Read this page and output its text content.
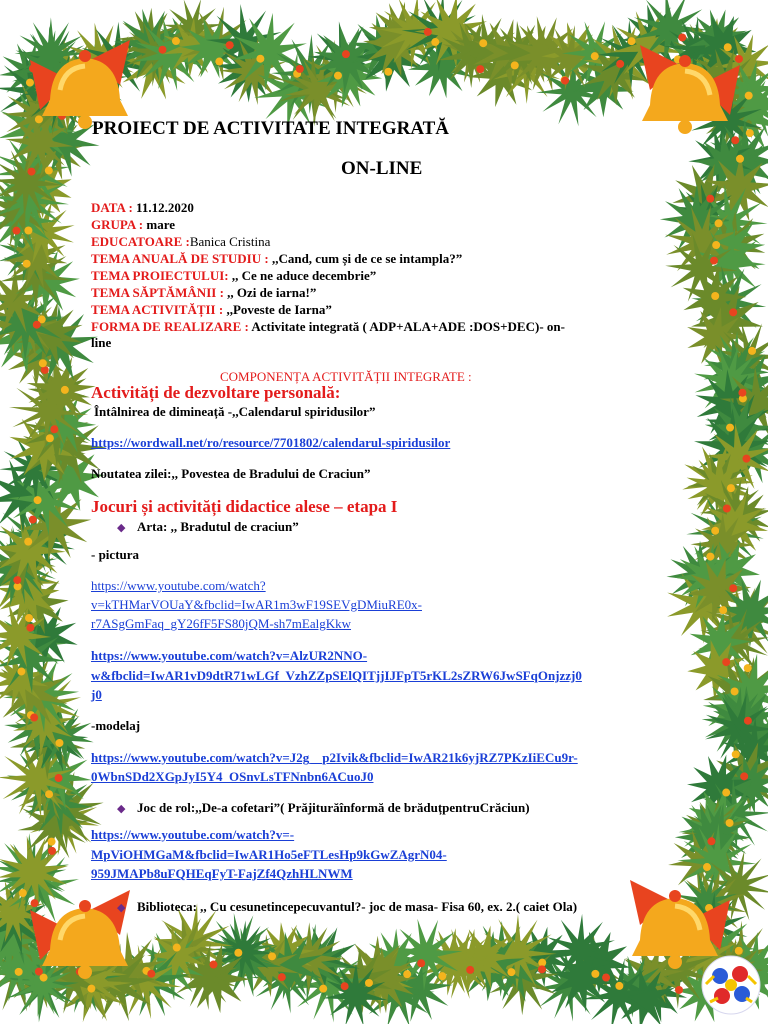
PROIECT DE ACTIVITATE INTEGRATĂ
ON-LINE
DATA : 11.12.2020
GRUPA : mare
EDUCATOARE :Banica Cristina
TEMA ANUALĂ DE STUDIU : ,,Cand, cum și de ce se intampla?”
TEMA PROIECTULUI: ,, Ce ne aduce decembrie”
TEMA SĂPTĂMÂNII : ,, Ozi de iarna!”
TEMA ACTIVITĂȚII : ,,Poveste de Iarna”
FORMA DE REALIZARE : Activitate integrată ( ADP+ALA+ADE :DOS+DEC)- on-
line
COMPONENȚA ACTIVITĂȚII INTEGRATE :
Activități de dezvoltare personală:
Întâlnirea de dimineață -,,Calendarul spiridusilor”
https://wordwall.net/ro/resource/7701802/calendarul-spiridusilor
Noutatea zilei:,, Povestea de Bradului de Craciun”
Jocuri și activități didactice alese – etapa I
◆ Arta: ,, Bradutul de craciun”
- pictura
https://www.youtube.com/watch?
v=kTHMarVOUaY&fbclid=IwAR1m3wF19SEVgDMiuRE0x-
r7ASgGmFaq_gY26fF5FS80jQM-sh7mEalgKkw
https://www.youtube.com/watch?v=AlzUR2NNO-
w&fbclid=IwAR1vD9dtR71wLGf_VzhZZpSElQITjjIJFpT5rKL2sZRW6JwSFqOnjzzj0
j0
-modelaj
https://www.youtube.com/watch?v=J2g__p2Ivik&fbclid=IwAR21k6yjRZ7PKzIiECu9r-
0WbnSDd2XGpJyI5Y4_OSnvLsTFNnbn6ACuoJ0
◆ Joc de rol:,,De-a cofetari”( Prăjiturăînformă de brăduțpentruCrăciun)
https://www.youtube.com/watch?v=-
MpViOHMGaM&fbclid=IwAR1Ho5eFTLesHp9kGwZAgrN04-
959JMAPb8uFQHEqFyT-FajZf4QzhHLNWM
◆ Biblioteca: ,, Cu cesunetincepecuvantul?- joc de masa- Fisa 60, ex. 2.( caiet Ola)
